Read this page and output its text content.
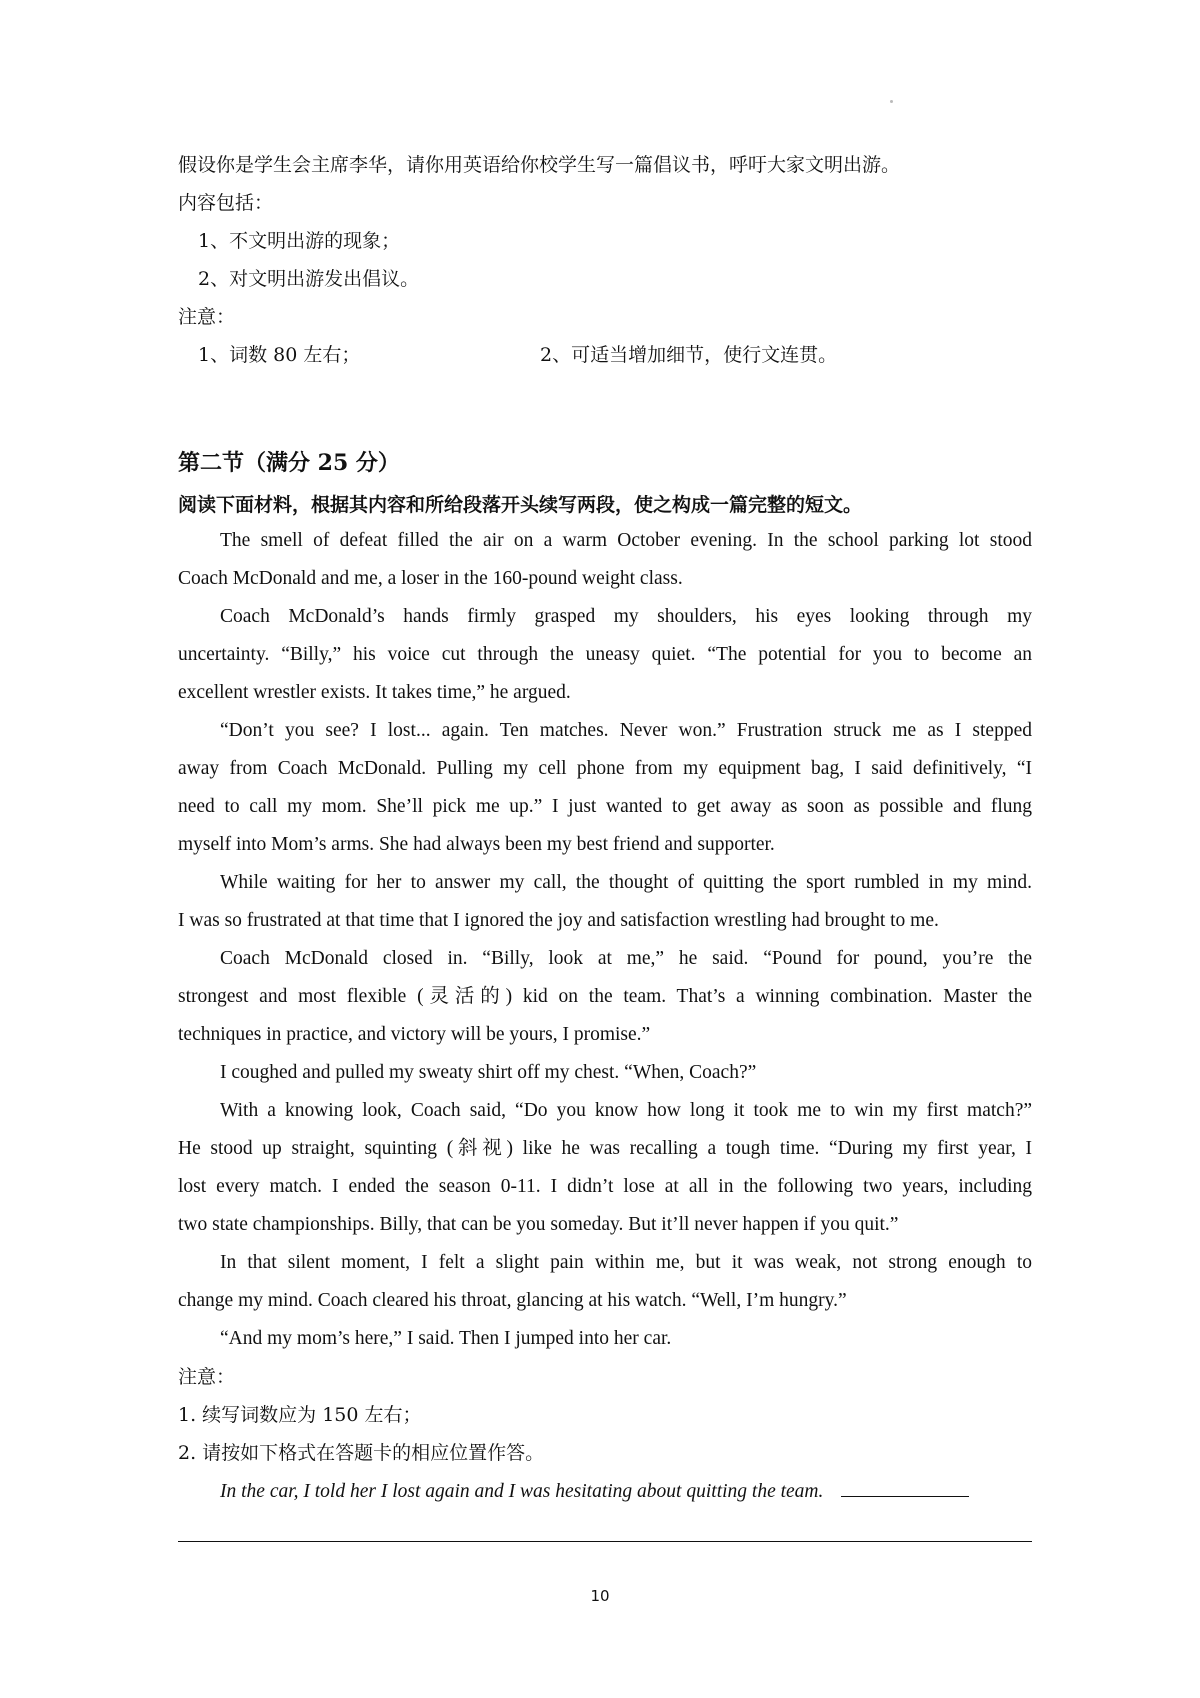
假设你是学生会主席李华，请你用英语给你校学生写一篇倡议书，呼吁大家文明出游。
内容包括：
1、不文明出游的现象；
2、对文明出游发出倡议。
注意：
1、词数 80 左右；	2、可适当增加细节，使行文连贯。
第二节（满分 25 分）
阅读下面材料，根据其内容和所给段落开头续写两段，使之构成一篇完整的短文。
The smell of defeat filled the air on a warm October evening. In the school parking lot stood
Coach McDonald and me, a loser in the 160-pound weight class.
Coach McDonald’s hands firmly grasped my shoulders, his eyes looking through my
uncertainty. “Billy,” his voice cut through the uneasy quiet. “The potential for you to become an
excellent wrestler exists. It takes time,” he argued.
“Don’t you see? I lost... again. Ten matches. Never won.” Frustration struck me as I stepped
away from Coach McDonald. Pulling my cell phone from my equipment bag, I said definitively, “I
need to call my mom. She’ll pick me up.” I just wanted to get away as soon as possible and flung
myself into Mom’s arms. She had always been my best friend and supporter.
While waiting for her to answer my call, the thought of quitting the sport rumbled in my mind.
I was so frustrated at that time that I ignored the joy and satisfaction wrestling had brought to me.
Coach McDonald closed in. “Billy, look at me,” he said. “Pound for pound, you’re the
strongest and most flexible (灵活的) kid on the team. That’s a winning combination. Master the
techniques in practice, and victory will be yours, I promise.”
I coughed and pulled my sweaty shirt off my chest. “When, Coach?”
With a knowing look, Coach said, “Do you know how long it took me to win my first match?”
He stood up straight, squinting (斜视) like he was recalling a tough time. “During my first year, I
lost every match. I ended the season 0-11. I didn’t lose at all in the following two years, including
two state championships. Billy, that can be you someday. But it’ll never happen if you quit.”
In that silent moment, I felt a slight pain within me, but it was weak, not strong enough to
change my mind. Coach cleared his throat, glancing at his watch. “Well, I’m hungry.”
“And my mom’s here,” I said. Then I jumped into her car.
注意：
1. 续写词数应为 150 左右；
2. 请按如下格式在答题卡的相应位置作答。
In the car, I told her I lost again and I was hesitating about quitting the team.
10
